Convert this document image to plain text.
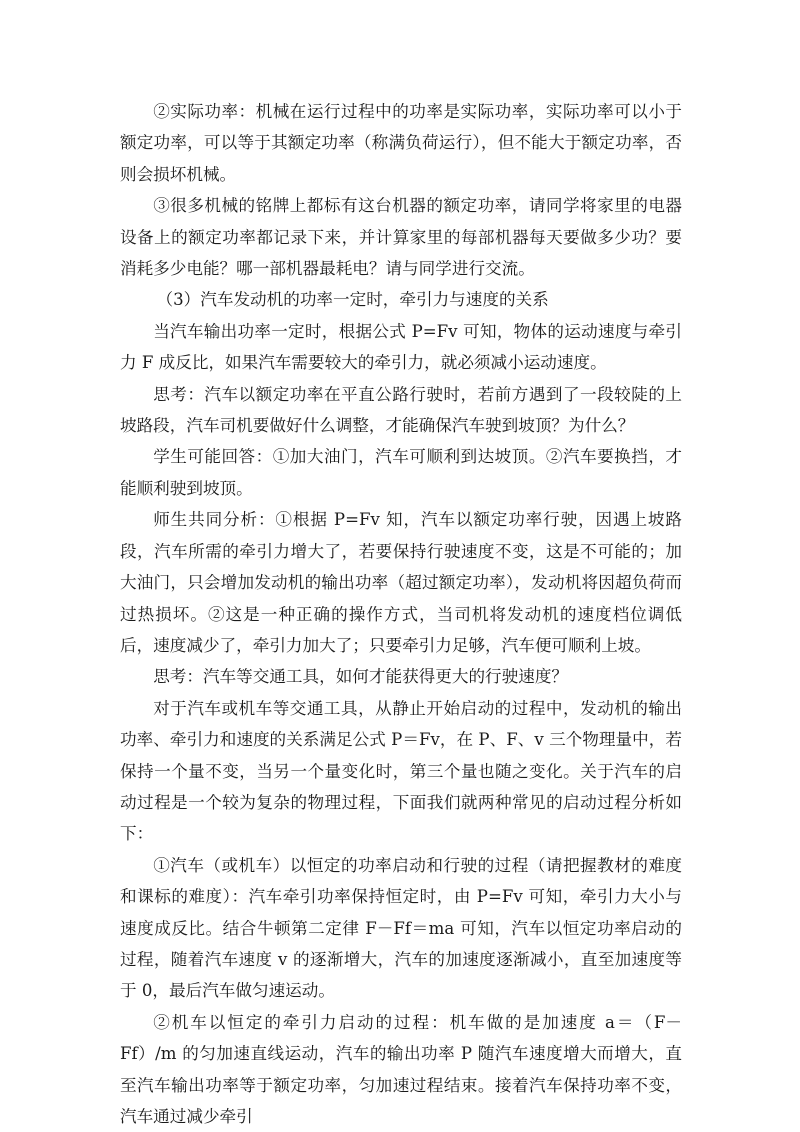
②实际功率：机械在运行过程中的功率是实际功率，实际功率可以小于额定功率，可以等于其额定功率（称满负荷运行），但不能大于额定功率，否则会损坏机械。

③很多机械的铭牌上都标有这台机器的额定功率，请同学将家里的电器设备上的额定功率都记录下来，并计算家里的每部机器每天要做多少功？要消耗多少电能？哪一部机器最耗电？请与同学进行交流。

（3）汽车发动机的功率一定时，牵引力与速度的关系

当汽车输出功率一定时，根据公式 P=Fv 可知，物体的运动速度与牵引力 F 成反比，如果汽车需要较大的牵引力，就必须减小运动速度。

思考：汽车以额定功率在平直公路行驶时，若前方遇到了一段较陡的上坡路段，汽车司机要做好什么调整，才能确保汽车驶到坡顶？为什么？

学生可能回答：①加大油门，汽车可顺利到达坡顶。②汽车要换挡，才能顺利驶到坡顶。

师生共同分析：①根据 P=Fv 知，汽车以额定功率行驶，因遇上坡路段，汽车所需的牵引力增大了，若要保持行驶速度不变，这是不可能的；加大油门，只会增加发动机的输出功率（超过额定功率），发动机将因超负荷而过热损坏。②这是一种正确的操作方式，当司机将发动机的速度档位调低后，速度减少了，牵引力加大了；只要牵引力足够，汽车便可顺利上坡。

思考：汽车等交通工具，如何才能获得更大的行驶速度？

对于汽车或机车等交通工具，从静止开始启动的过程中，发动机的输出功率、牵引力和速度的关系满足公式 P＝Fv，在 P、F、v 三个物理量中，若保持一个量不变，当另一个量变化时，第三个量也随之变化。关于汽车的启动过程是一个较为复杂的物理过程，下面我们就两种常见的启动过程分析如下：

①汽车（或机车）以恒定的功率启动和行驶的过程（请把握教材的难度和课标的难度）：汽车牵引功率保持恒定时，由 P=Fv 可知，牵引力大小与速度成反比。结合牛顿第二定律 F－Ff＝ma 可知，汽车以恒定功率启动的过程，随着汽车速度 v 的逐渐增大，汽车的加速度逐渐减小，直至加速度等于 0，最后汽车做匀速运动。

②机车以恒定的牵引力启动的过程：机车做的是加速度 a＝（F－Ff）/m 的匀加速直线运动，汽车的输出功率 P 随汽车速度增大而增大，直至汽车输出功率等于额定功率，匀加速过程结束。接着汽车保持功率不变，汽车通过减少牵引
